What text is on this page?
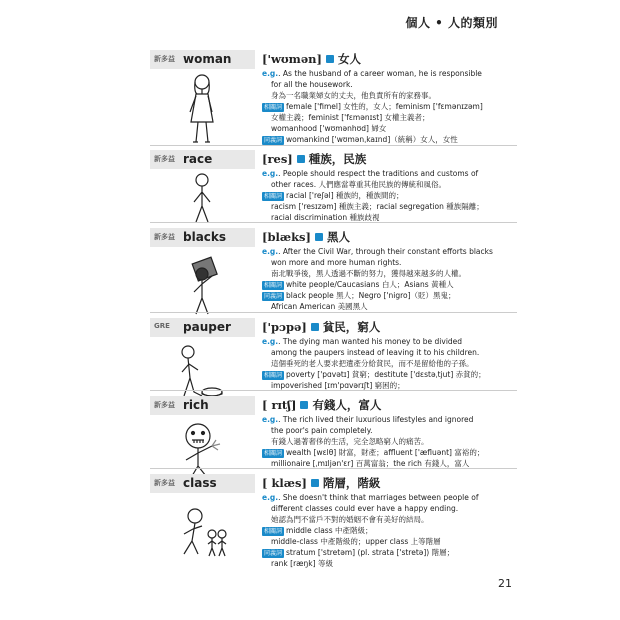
個人 • 人的類別
新多益 woman	['wʊmən] 女人
e.g.. As the husband of a career woman, he is responsible
for all the housework.
身為一名職業婦女的丈夫，他負責所有的家務事。
相關詞 female ['fimel] 女性的，女人；feminism ['fɛmənɪzəm]
女權主義；feminist ['fɛmənɪst] 女權主義者；
womanhood ['wʊmənhʊd] 婦女
同義詞 womankind ['wʊmənˌkaɪnd]（統稱）女人，女性
新多益 race	[res] 種族，民族
e.g.. People should respect the traditions and customs of
other races. 人們應當尊重其他民族的傳統和風俗。
相關詞 racial ['reʃəl] 種族的，種族間的；
racism ['resɪzəm] 種族主義；racial segregation 種族隔離；
racial discrimination 種族歧視
新多益 blacks	[blæks] 黑人
e.g.. After the Civil War, through their constant efforts blacks
won more and more human rights.
南北戰爭後，黑人透過不斷的努力，獲得越來越多的人權。
相關詞 white people/Caucasians 白人；Asians 黃種人
同義詞 black people 黑人；Negro ['nigro]（貶）黑鬼；
African American 美國黑人
GRE pauper	['pɔpə] 貧民，窮人
e.g.. The dying man wanted his money to be divided
among the paupers instead of leaving it to his children.
這個垂死的老人要求把遺產分給貧民，而不是留給他的子孫。
相關詞 poverty ['pɑvətɪ] 貧窮；destitute ['dɛstəˌtjut] 赤貧的；
impoverished [ɪm'pɑvərɪʃt] 窮困的；
新多益 rich	[ rɪtʃ] 有錢人，富人
e.g.. The rich lived their luxurious lifestyles and ignored
the poor's pain completely.
有錢人過著奢侈的生活，完全忽略窮人的痛苦。
相關詞 wealth [wɛlθ] 財富，財產；affluent ['æfluənt] 富裕的；
millionaire [ˌmɪljən'ɛr] 百萬富翁；the rich 有錢人，富人
新多益 class	[ klæs] 階層，階級
e.g.. She doesn't think that marriages between people of
different classes could ever have a happy ending.
她認為門不當戶不對的婚姻不會有美好的結局。
相關詞 middle class 中產階級；
middle-class 中產階級的；upper class 上等階層
同義詞 stratum ['stretəm] (pl. strata ['stretə]) 階層；
rank [ræŋk] 等級
21
